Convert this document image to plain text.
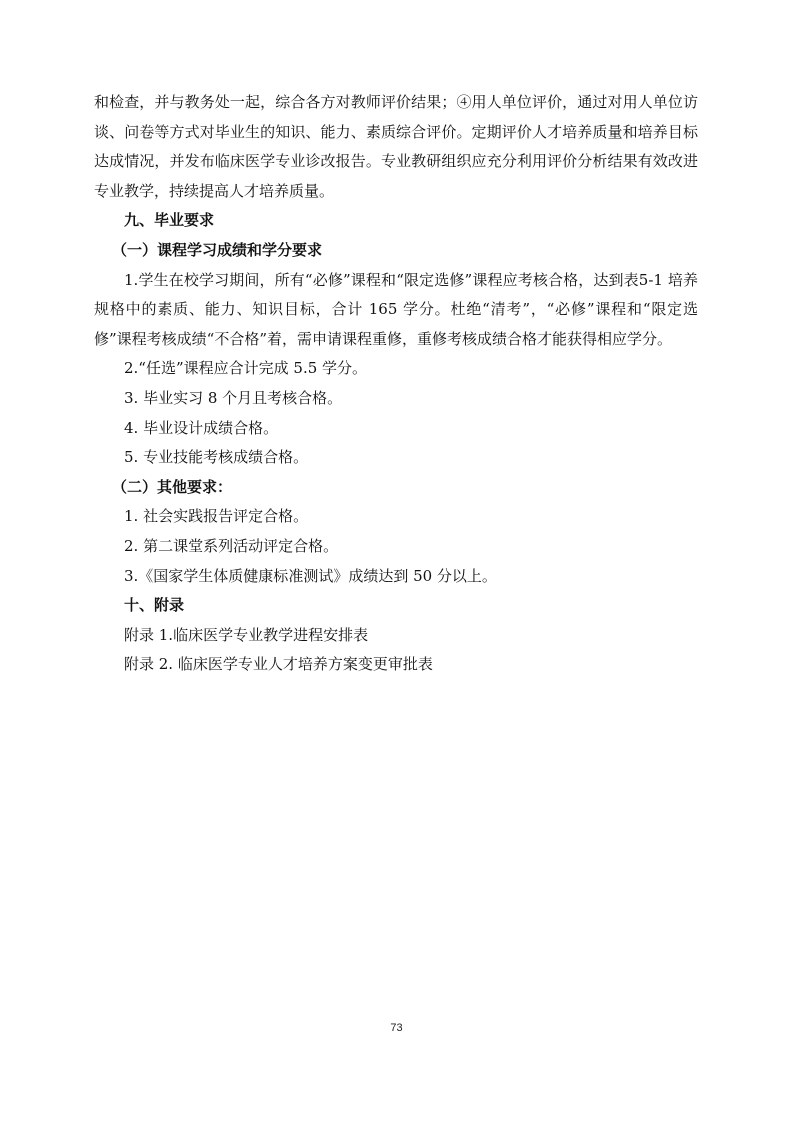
和检查，并与教务处一起，综合各方对教师评价结果；④用人单位评价，通过对用人单位访谈、问卷等方式对毕业生的知识、能力、素质综合评价。定期评价人才培养质量和培养目标达成情况，并发布临床医学专业诊改报告。专业教研组织应充分利用评价分析结果有效改进专业教学，持续提高人才培养质量。

九、毕业要求

（一）课程学习成绩和学分要求

1.学生在校学习期间，所有“必修”课程和“限定选修”课程应考核合格，达到表5-1 培养规格中的素质、能力、知识目标，合计 165 学分。杜绝“清考”，“必修”课程和“限定选修”课程考核成绩“不合格”着，需申请课程重修，重修考核成绩合格才能获得相应学分。

2.“任选”课程应合计完成 5.5 学分。

3. 毕业实习 8 个月且考核合格。

4. 毕业设计成绩合格。

5. 专业技能考核成绩合格。

（二）其他要求：

1. 社会实践报告评定合格。

2. 第二课堂系列活动评定合格。

3.《国家学生体质健康标准测试》成绩达到 50 分以上。

十、附录

附录 1.临床医学专业教学进程安排表

附录 2. 临床医学专业人才培养方案变更审批表

73
